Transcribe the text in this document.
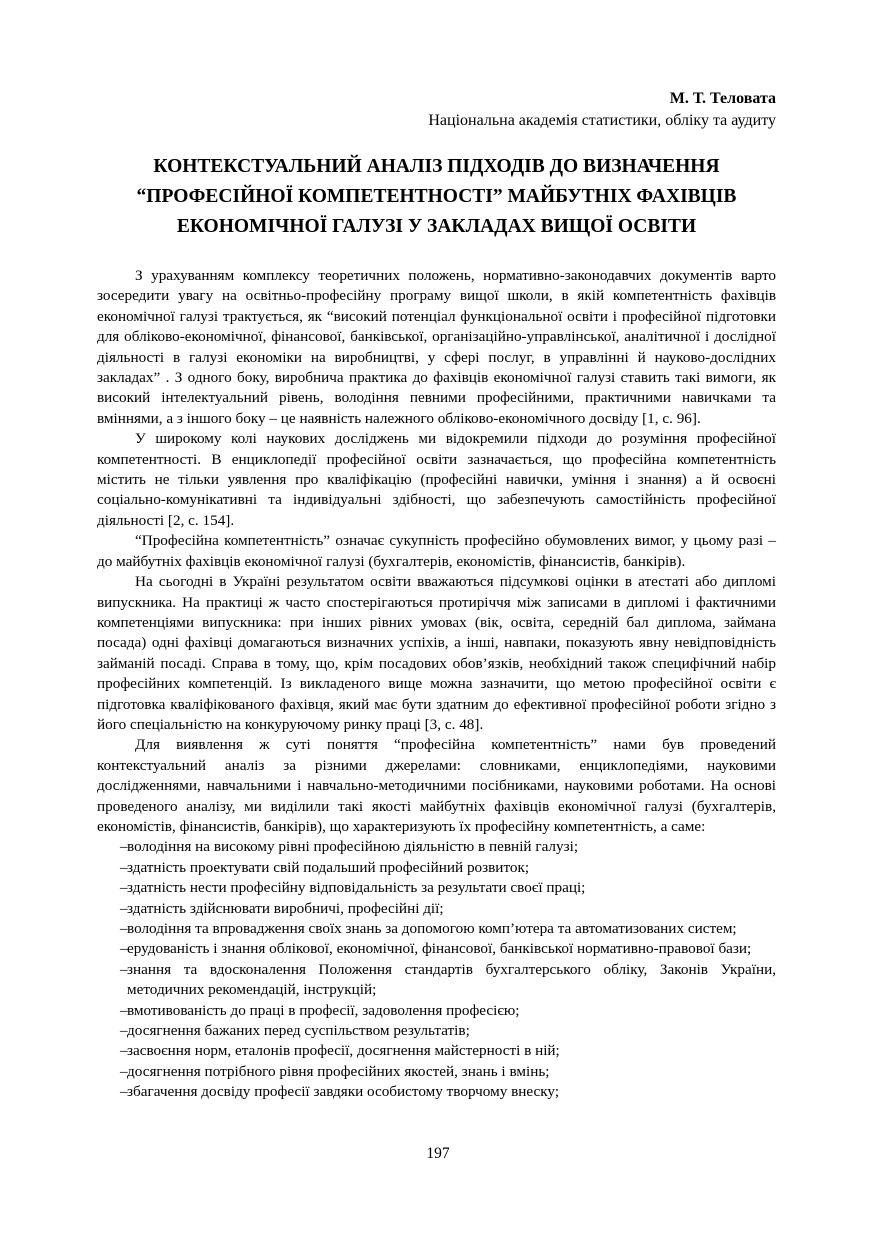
М. Т. Теловата
Національна академія статистики, обліку та аудиту
КОНТЕКСТУАЛЬНИЙ АНАЛІЗ ПІДХОДІВ ДО ВИЗНАЧЕННЯ
“ПРОФЕСІЙНОЇ КОМПЕТЕНТНОСТІ” МАЙБУТНІХ ФАХІВЦІВ
ЕКОНОМІЧНОЇ ГАЛУЗІ У ЗАКЛАДАХ ВИЩОЇ ОСВІТИ

З урахуванням комплексу теоретичних положень, нормативно-законодавчих документів варто зосередити увагу на освітньо-професійну програму вищої школи, в якій компетентність фахівців економічної галузі трактується, як “високий потенціал функціональної освіти і професійної підготовки для обліково-економічної, фінансової, банківської, організаційно-управлінської, аналітичної і дослідної діяльності в галузі економіки на виробництві, у сфері послуг, в управлінні й науково-дослідних закладах” . З одного боку, виробнича практика до фахівців економічної галузі ставить такі вимоги, як високий інтелектуальний рівень, володіння певними професійними, практичними навичками та вміннями, а з іншого боку – це наявність належного обліково-економічного досвіду [1, с. 96].

У широкому колі наукових досліджень ми відокремили підходи до розуміння професійної компетентності. В енциклопедії професійної освіти зазначається, що професійна компетентність містить не тільки уявлення про кваліфікацію (професійні навички, уміння і знання) а й освоєні соціально-комунікативні та індивідуальні здібності, що забезпечують самостійність професійної діяльності [2, с. 154].

“Професійна компетентність” означає сукупність професійно обумовлених вимог, у цьому разі – до майбутніх фахівців економічної галузі (бухгалтерів, економістів, фінансистів, банкірів).

На сьогодні в Україні результатом освіти вважаються підсумкові оцінки в атестаті або дипломі випускника. На практиці ж часто спостерігаються протиріччя між записами в дипломі і фактичними компетенціями випускника: при інших рівних умовах (вік, освіта, середній бал диплома, займана посада) одні фахівці домагаються визначних успіхів, а інші, навпаки, показують явну невідповідність займаній посаді. Справа в тому, що, крім посадових обов’язків, необхідний також специфічний набір професійних компетенцій. Із викладеного вище можна зазначити, що метою професійної освіти є підготовка кваліфікованого фахівця, який має бути здатним до ефективної професійної роботи згідно з його спеціальністю на конкуруючому ринку праці [3, с. 48].

Для виявлення ж суті поняття “професійна компетентність” нами був проведений контекстуальний аналіз за різними джерелами: словниками, енциклопедіями, науковими дослідженнями, навчальними і навчально-методичними посібниками, науковими роботами. На основі проведеного аналізу, ми виділили такі якості майбутніх фахівців економічної галузі (бухгалтерів, економістів, фінансистів, банкірів), що характеризують їх професійну компетентність, а саме:

– володіння на високому рівні професійною діяльністю в певній галузі;
– здатність проектувати свій подальший професійний розвиток;
– здатність нести професійну відповідальність за результати своєї праці;
– здатність здійснювати виробничі, професійні дії;
– володіння та впровадження своїх знань за допомогою комп’ютера та автоматизованих систем;
– ерудованість і знання облікової, економічної, фінансової, банківської нормативно-правової бази;
– знання та вдосконалення Положення стандартів бухгалтерського обліку, Законів України, методичних рекомендацій, інструкцій;
– вмотивованість до праці в професії, задоволення професією;
– досягнення бажаних перед суспільством результатів;
– засвоєння норм, еталонів професії, досягнення майстерності в ній;
– досягнення потрібного рівня професійних якостей, знань і вмінь;
– збагачення досвіду професії завдяки особистому творчому внеску;
197
